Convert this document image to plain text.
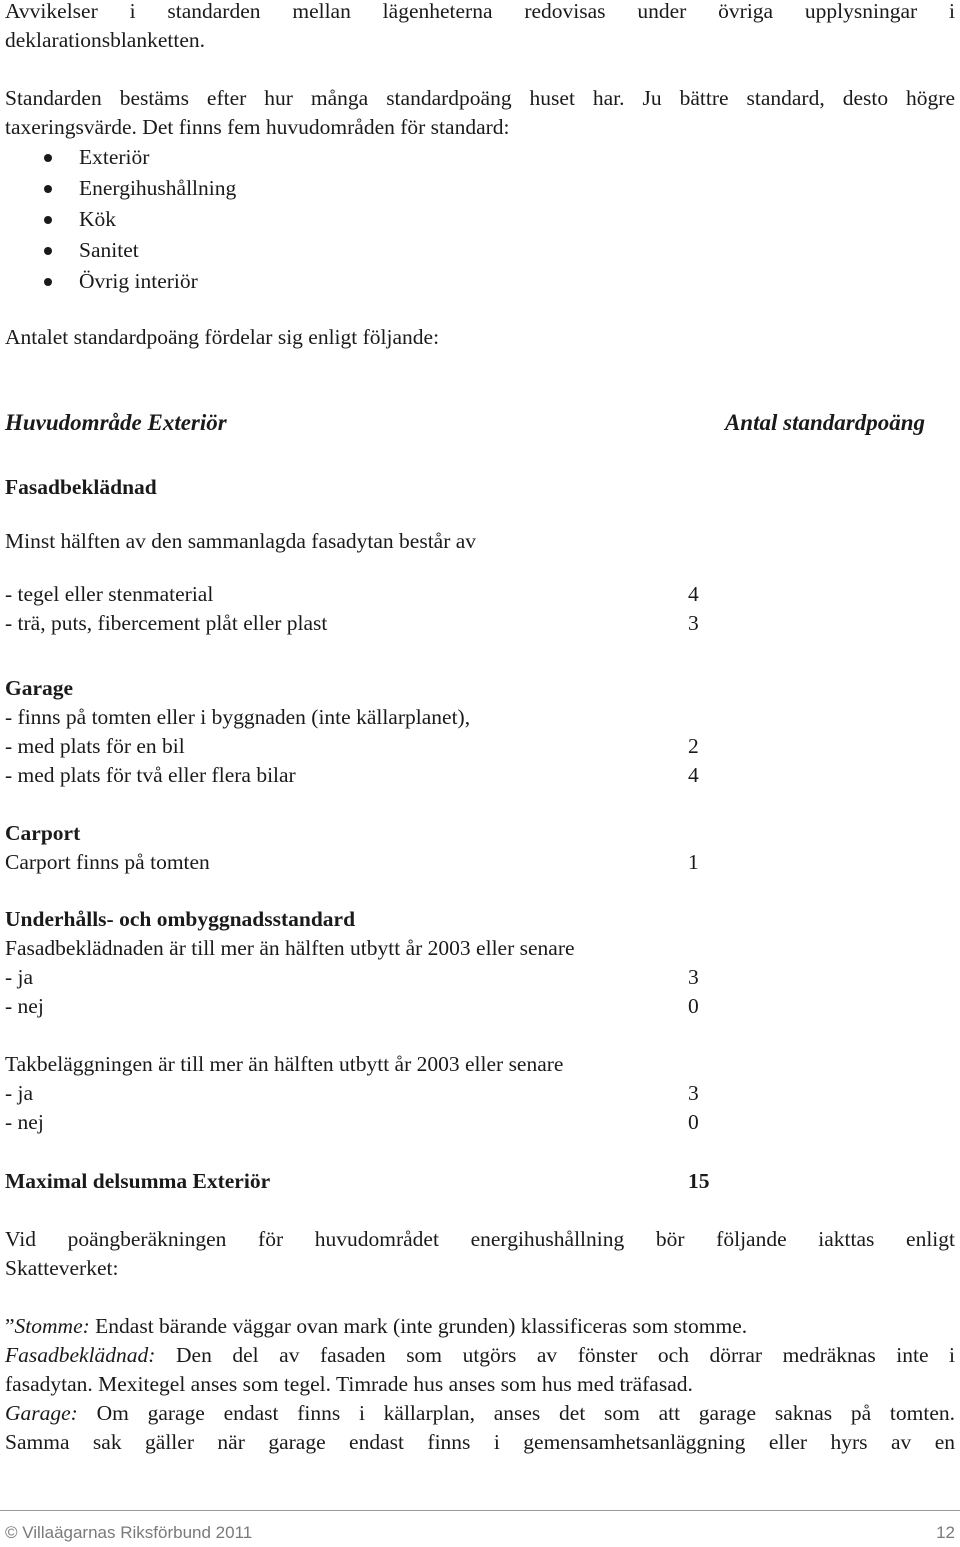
Avvikelser i standarden mellan lägenheterna redovisas under övriga upplysningar i

deklarationsblanketten.

Standarden bestäms efter hur många standardpoäng huset har. Ju bättre standard, desto högre

taxeringsvärde. Det finns fem huvudområden för standard:

Exteriör
Energihushållning
Kök
Sanitet
Övrig interiör

Antalet standardpoäng fördelar sig enligt följande:

Huvudområde Exteriör	Antal standardpoäng

Fasadbeklädnad

Minst hälften av den sammanlagda fasadytan består av

- tegel eller stenmaterial	4
- trä, puts, fibercement plåt eller plast	3

Garage

- finns på tomten eller i byggnaden (inte källarplanet),

- med plats för en bil	2
- med plats för två eller flera bilar	4

Carport

Carport finns på tomten	1

Underhålls- och ombyggnadsstandard

Fasadbeklädnaden är till mer än hälften utbytt år 2003 eller senare

- ja	3
- nej	0

Takbeläggningen är till mer än hälften utbytt år 2003 eller senare

- ja	3
- nej	0
Maximal delsumma Exteriör	15

Vid poängberäkningen för huvudområdet energihushållning bör följande iakttas enligt

Skatteverket:

”Stomme: Endast bärande väggar ovan mark (inte grunden) klassificeras som stomme.

Fasadbeklädnad: Den del av fasaden som utgörs av fönster och dörrar medräknas inte i

fasadytan. Mexitegel anses som tegel. Timrade hus anses som hus med träfasad.

Garage: Om garage endast finns i källarplan, anses det som att garage saknas på tomten.

Samma sak gäller när garage endast finns i gemensamhetsanläggning eller hyrs av en

© Villaägarnas Riksförbund 2011	12
